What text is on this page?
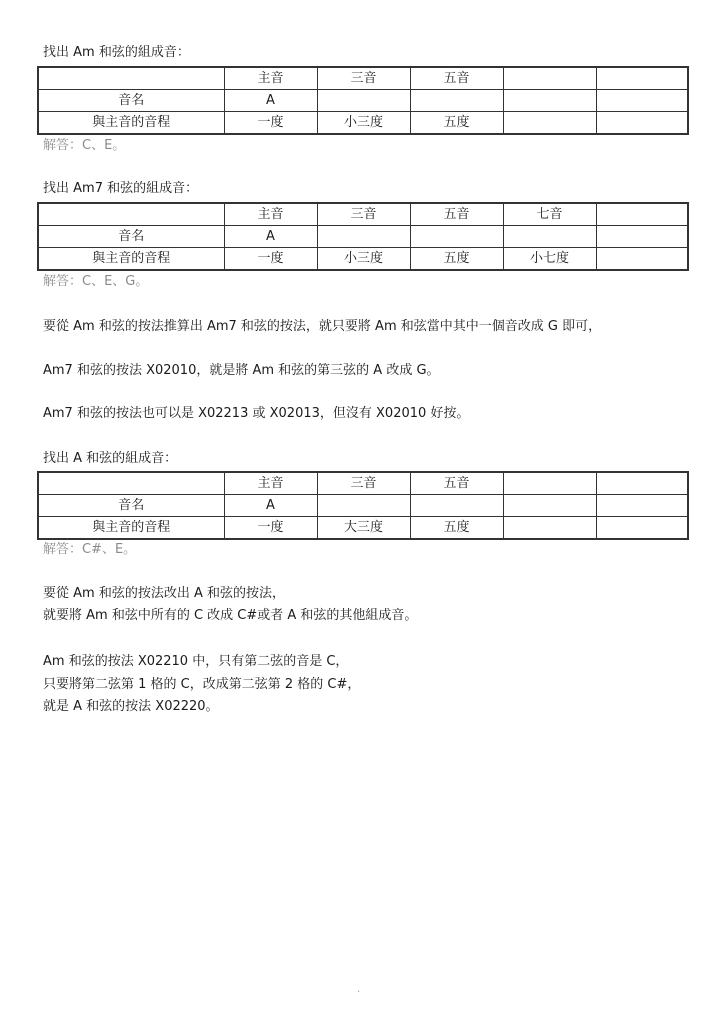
找出 Am 和弦的組成音：
	主音	三音	五音		
音名	A				
與主音的音程	一度	小三度	五度		
解答：C、E。
找出 Am7 和弦的組成音：
	主音	三音	五音	七音	
音名	A				
與主音的音程	一度	小三度	五度	小七度	
解答：C、E、G。
要從 Am 和弦的按法推算出 Am7 和弦的按法，就只要將 Am 和弦當中其中一個音改成 G 即可，
Am7 和弦的按法 X02010，就是將 Am 和弦的第三弦的 A 改成 G。
Am7 和弦的按法也可以是 X02213 或 X02013，但沒有 X02010 好按。
找出 A 和弦的組成音：
	主音	三音	五音		
音名	A				
與主音的音程	一度	大三度	五度		
解答：C#、E。
要從 Am 和弦的按法改出 A 和弦的按法，
就要將 Am 和弦中所有的 C 改成 C#或者 A 和弦的其他組成音。
Am 和弦的按法 X02210 中，只有第二弦的音是 C，
只要將第二弦第 1 格的 C，改成第二弦第 2 格的 C#，
就是 A 和弦的按法 X02220。
.
